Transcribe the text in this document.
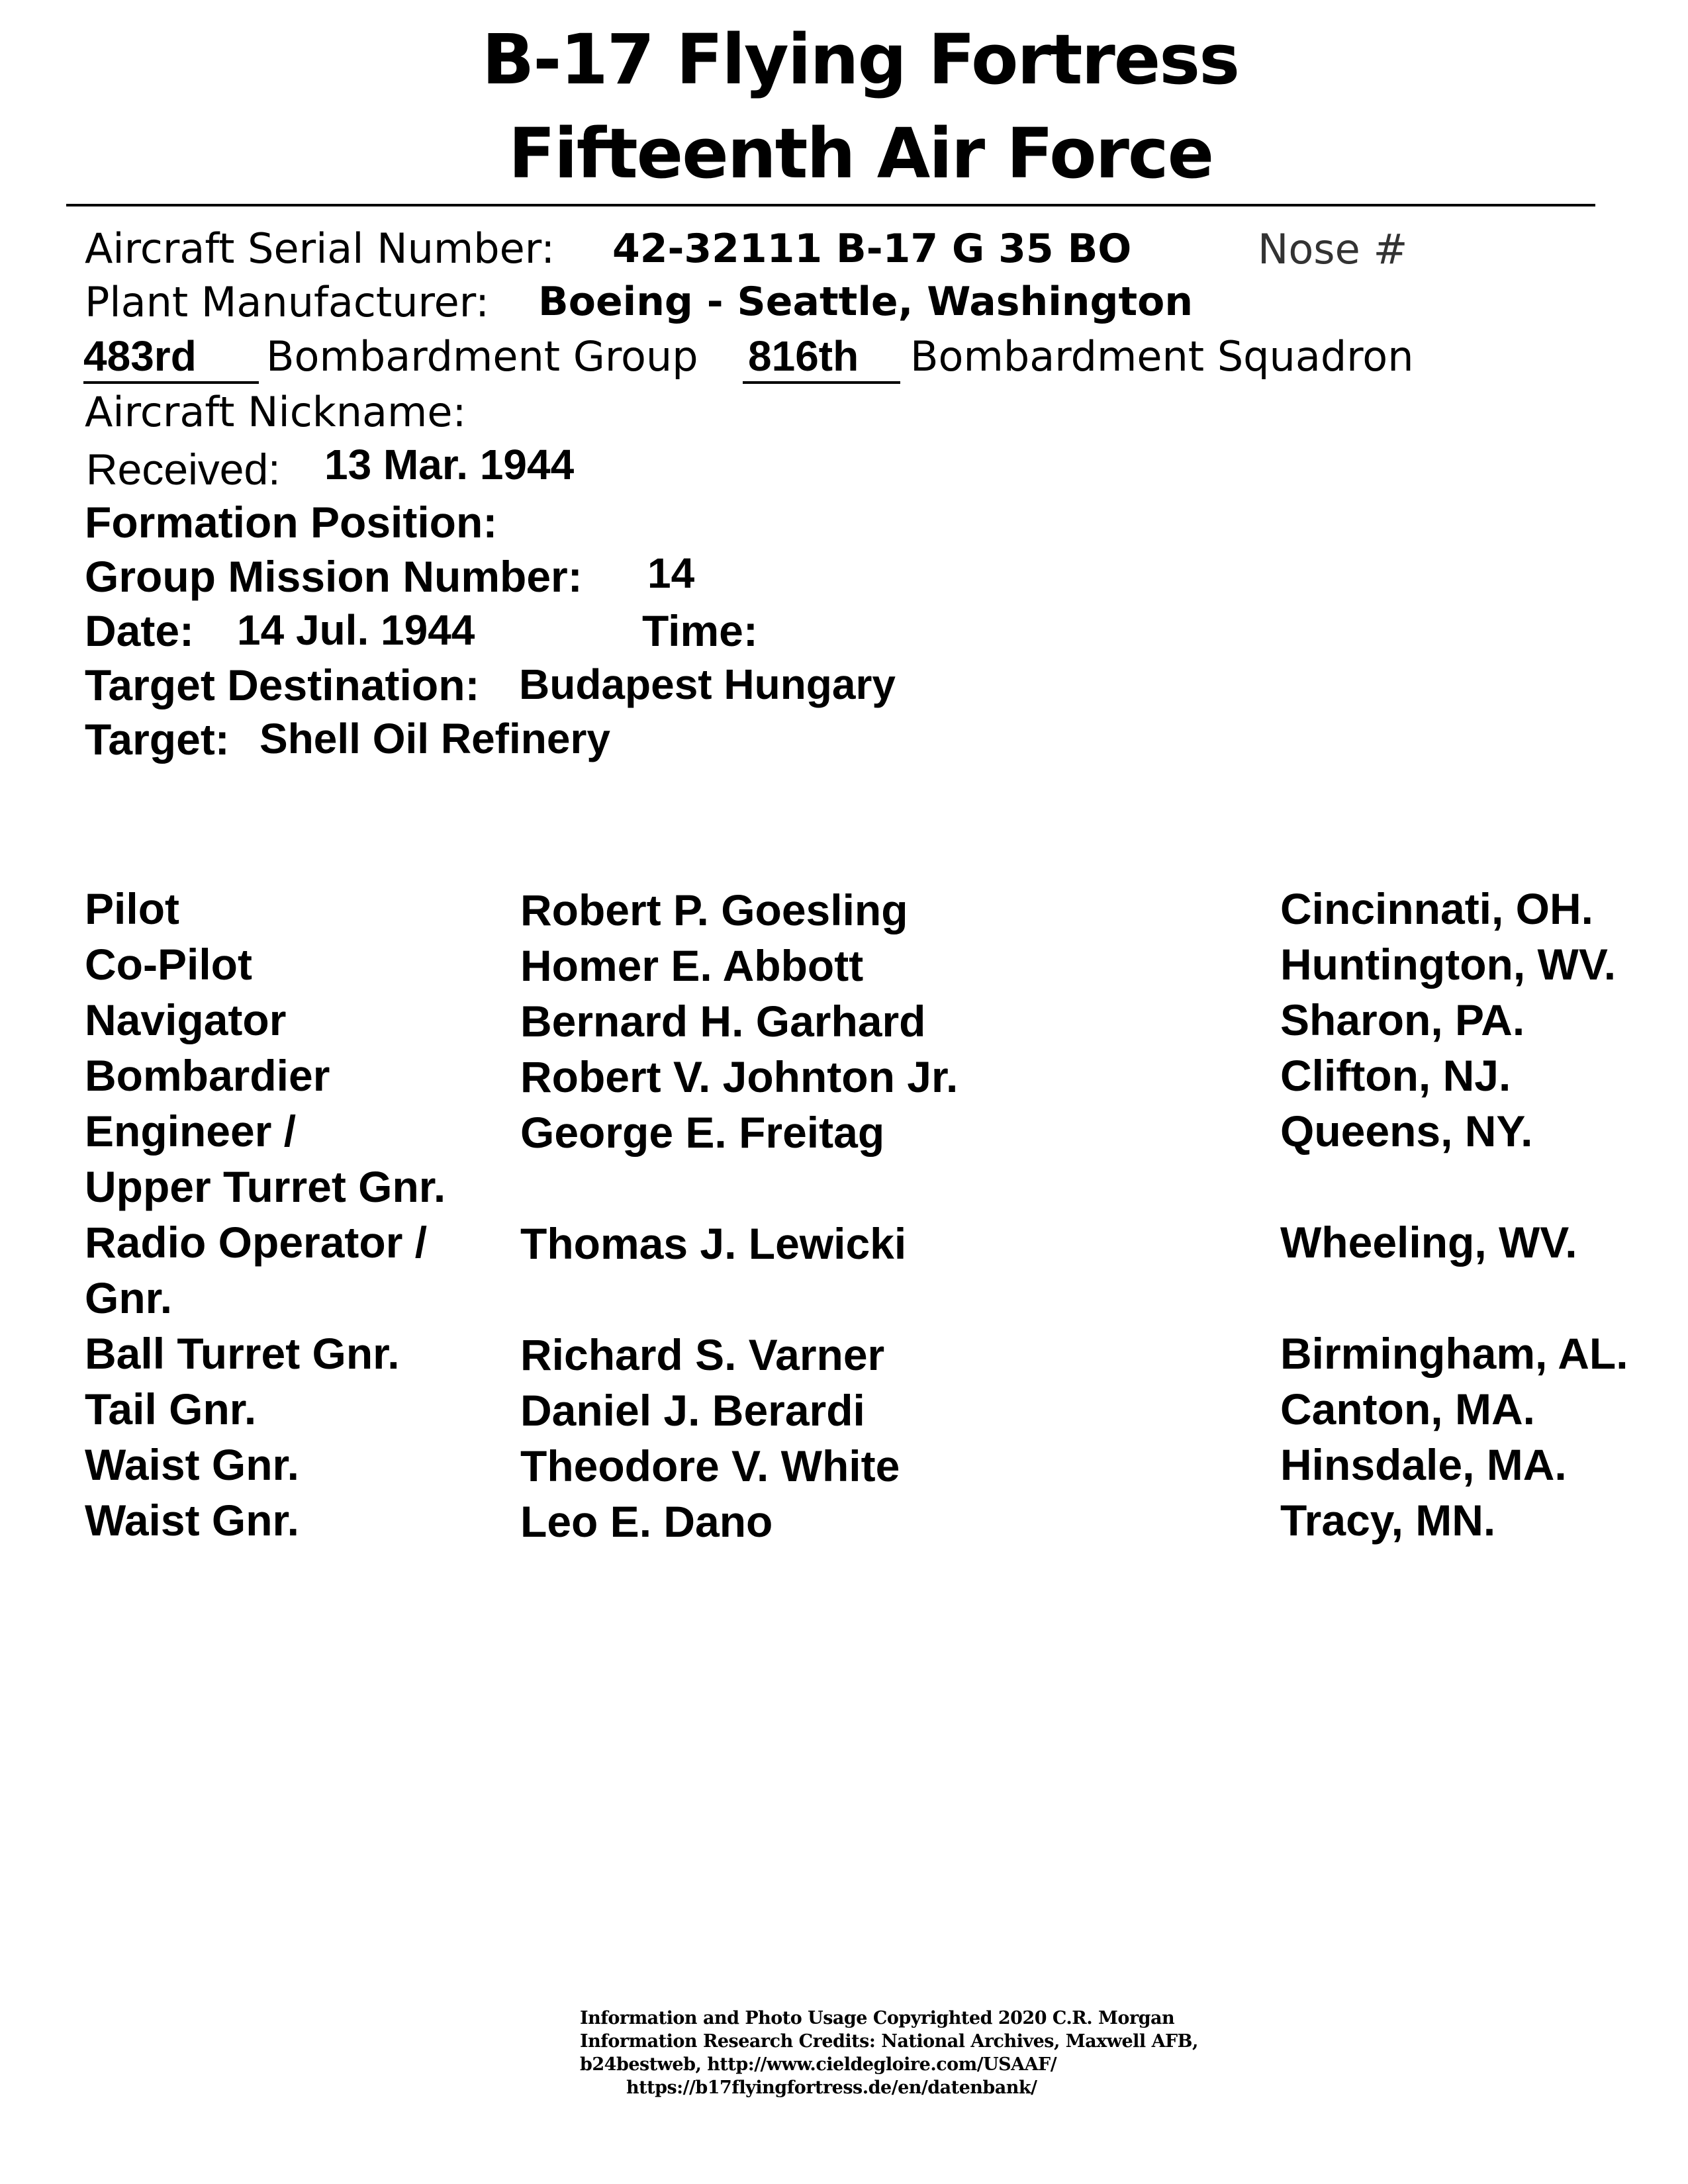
B-17 Flying Fortress
Fifteenth Air Force
Aircraft Serial Number: 42-32111 B-17 G 35 BO	Nose #
Plant Manufacturer: Boeing - Seattle, Washington
483rd	Bombardment Group 816th	Bombardment Squadron
Aircraft Nickname:
Received: 13 Mar. 1944
Formation Position:
Group Mission Number: 14
Date: 14 Jul. 1944	Time:
Target Destination: Budapest Hungary
Target: Shell Oil Refinery
Pilot	Robert P. Goesling	Cincinnati, OH.
Co-Pilot	Homer E. Abbott	Huntington, WV.
Navigator	Bernard H. Garhard	Sharon, PA.
Bombardier	Robert V. Johnton Jr.	Clifton, NJ.
Engineer /
Upper Turret Gnr.
George E. Freitag	Queens, NY.
Radio Operator /
Gnr.
Thomas J. Lewicki	Wheeling, WV.
Ball Turret Gnr.	Richard S. Varner	Birmingham, AL.
Tail Gnr.	Daniel J. Berardi	Canton, MA.
Waist Gnr.	Theodore V. White	Hinsdale, MA.
Waist Gnr.	Leo E. Dano	Tracy, MN.
Information and Photo Usage Copyrighted 2020 C.R. Morgan
Information Research Credits: National Archives, Maxwell AFB,
b24bestweb, http://www.cieldegloire.com/USAAF/
https://b17flyingfortress.de/en/datenbank/
